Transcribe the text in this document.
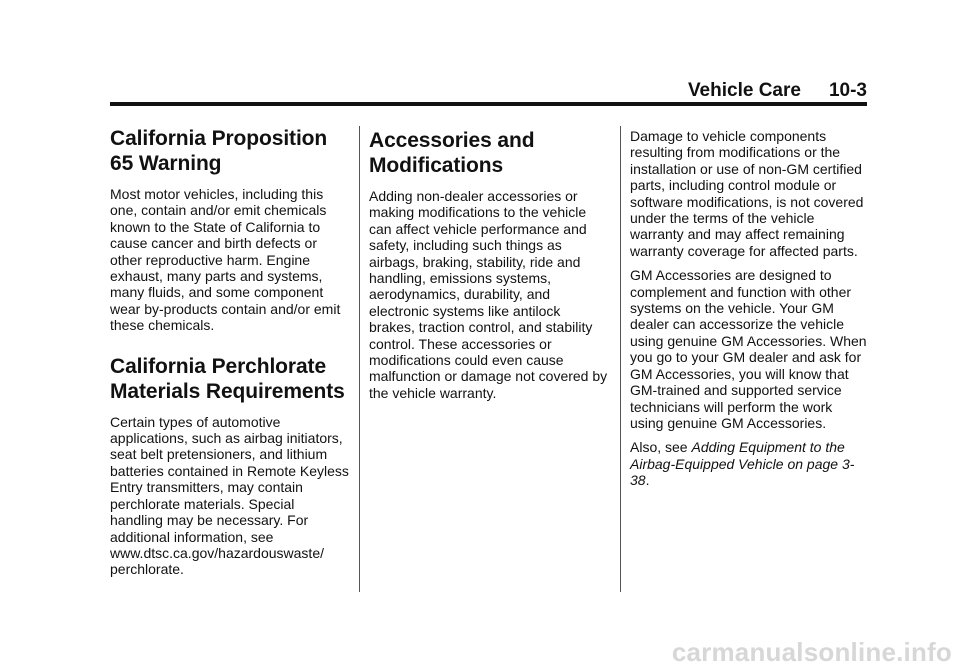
Vehicle Care 10-3
California Proposition
65 Warning

Most motor vehicles, including this one, contain and/or emit chemicals known to the State of California to cause cancer and birth defects or other reproductive harm. Engine exhaust, many parts and systems, many fluids, and some component wear by-products contain and/or emit these chemicals.

California Perchlorate
Materials Requirements

Certain types of automotive applications, such as airbag initiators, seat belt pretensioners, and lithium batteries contained in Remote Keyless Entry transmitters, may contain perchlorate materials. Special handling may be necessary. For additional information, see www.dtsc.ca.gov/hazardouswaste/ perchlorate.

Accessories and
Modifications

Adding non-dealer accessories or making modifications to the vehicle can affect vehicle performance and safety, including such things as airbags, braking, stability, ride and handling, emissions systems, aerodynamics, durability, and electronic systems like antilock brakes, traction control, and stability control. These accessories or modifications could even cause malfunction or damage not covered by the vehicle warranty.

Damage to vehicle components resulting from modifications or the installation or use of non-GM certified parts, including control module or software modifications, is not covered under the terms of the vehicle warranty and may affect remaining warranty coverage for affected parts.

GM Accessories are designed to complement and function with other systems on the vehicle. Your GM dealer can accessorize the vehicle using genuine GM Accessories. When you go to your GM dealer and ask for GM Accessories, you will know that GM-trained and supported service technicians will perform the work using genuine GM Accessories.

Also, see Adding Equipment to the Airbag-Equipped Vehicle on page 3-38.

carmanualsonline.info
